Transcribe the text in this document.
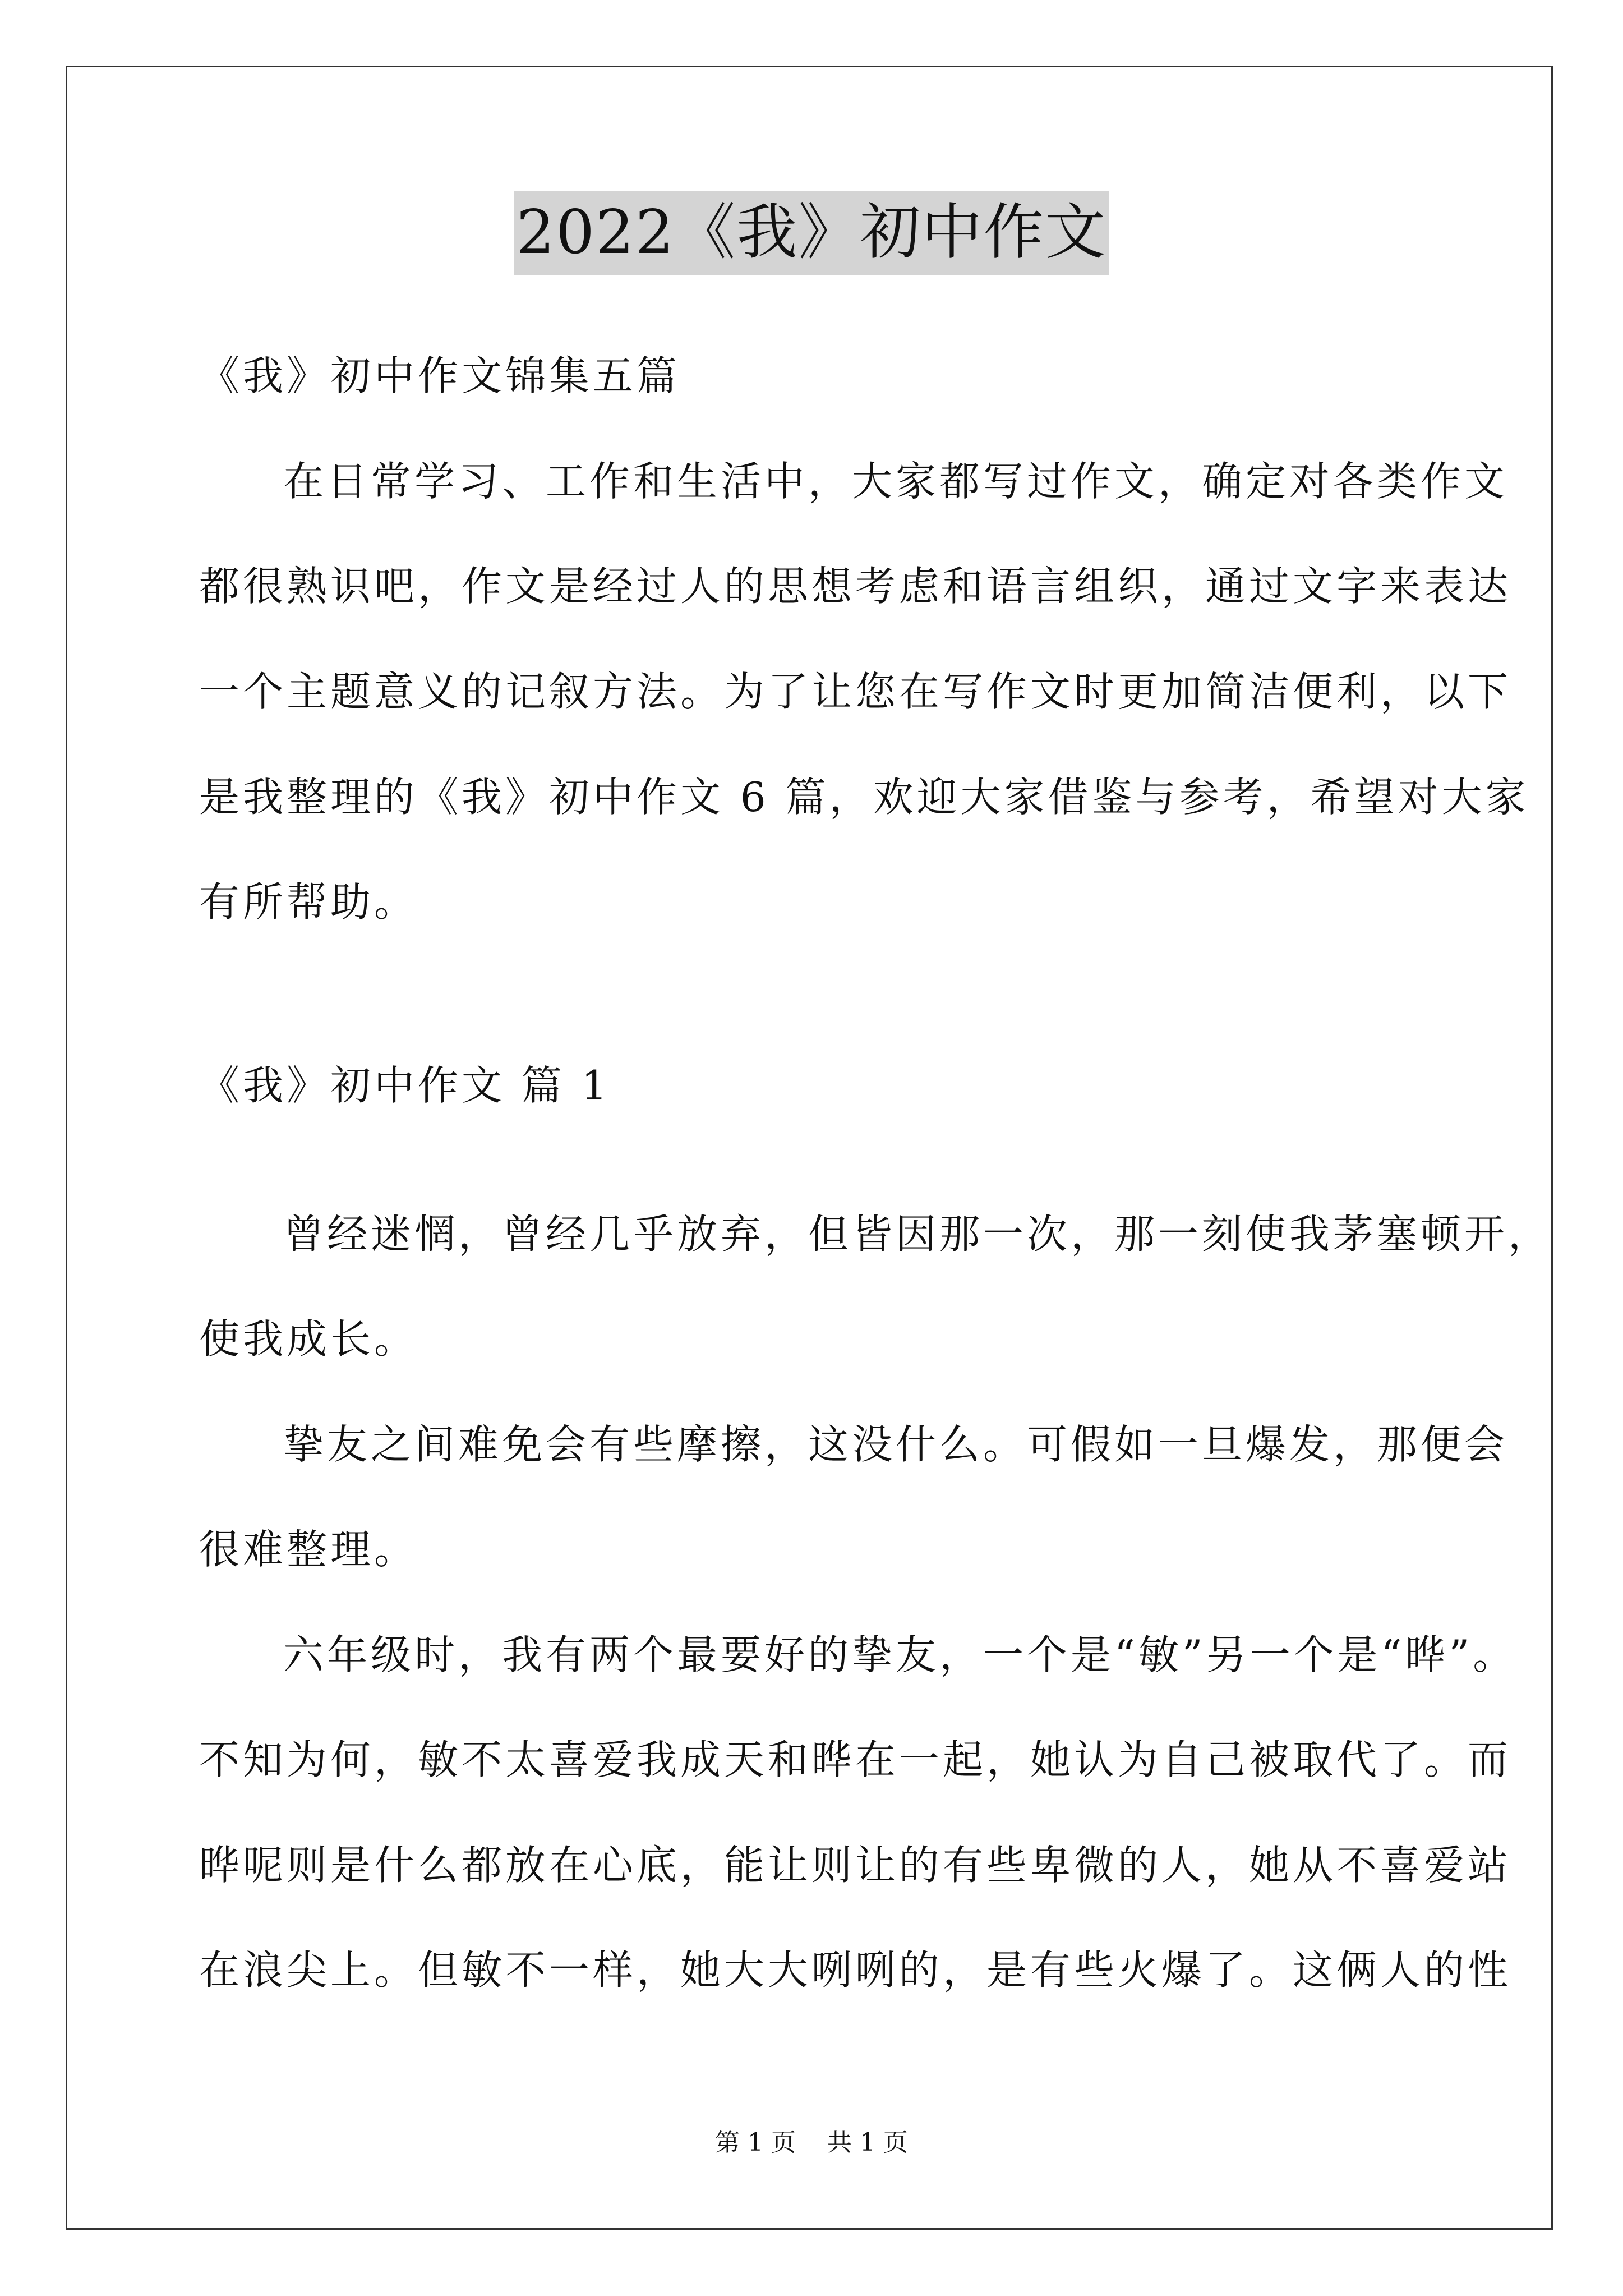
2022《我》初中作文
《我》初中作文锦集五篇
在日常学习、工作和生活中，大家都写过作文，确定对各类作文
都很熟识吧，作文是经过人的思想考虑和语言组织，通过文字来表达
一个主题意义的记叙方法。为了让您在写作文时更加简洁便利，以下
是我整理的《我》初中作文 6 篇，欢迎大家借鉴与参考，希望对大家
有所帮助。
《我》初中作文 篇 1
曾经迷惘，曾经几乎放弃，但皆因那一次，那一刻使我茅塞顿开，
使我成长。
挚友之间难免会有些摩擦，这没什么。可假如一旦爆发，那便会
很难整理。
六年级时，我有两个最要好的挚友，一个是“敏”另一个是“晔”。
不知为何，敏不太喜爱我成天和晔在一起，她认为自己被取代了。而
晔呢则是什么都放在心底，能让则让的有些卑微的人，她从不喜爱站
在浪尖上。但敏不一样，她大大咧咧的，是有些火爆了。这俩人的性
第 1 页    共 1 页
